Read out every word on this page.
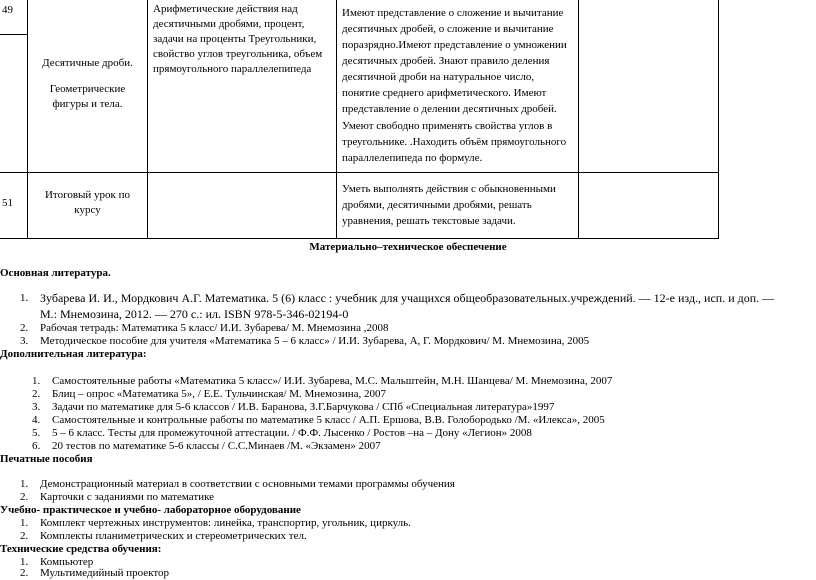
49
Десятичные дроби.
Геометрические фигуры и тела.
Арифметические действия над десятичными дробями, процент, задачи на проценты Треугольники, свойство углов треугольника, объем прямоугольного параллелепипеда
Имеют представление о сложение и вычитание десятичных дробей, о сложение и вычитание поразрядно.Имеют представление о умножении десятичных дробей. Знают правило деления десятичной дроби на натуральное число, понятие среднего арифметического. Имеют представление о делении десятичных дробей.
Умеют свободно применять свойства углов в треугольнике. .Находить объём прямоугольного параллелепипеда по формуле.
51
Итоговый урок по курсу
Уметь выполнять действия с обыкновенными дробями, десятичными дробями, решать уравнения, решать текстовые задачи.
Материально–техническое обеспечение
Основная литература.
1. Зубарева И. И., Мордкович А.Г. Математика. 5 (6) класс : учебник для учащихся общеобразовательных.учреждений. — 12-е изд., исп. и доп. —
М.: Мнемозина, 2012. — 270 с.: ил. ISBN 978-5-346-02194-0
2. Рабочая тетрадь: Математика 5 класс/ И.И. Зубарева/ М. Мнемозина ,2008
3. Методическое пособие для учителя «Математика 5 – 6 класс» / И.И. Зубарева, А, Г. Мордкович/ М. Мнемозина, 2005
Дополнительная литература:
1. Самостоятельные работы «Математика 5 класс»/ И.И. Зубарева, М.С. Мальштейн, М.Н. Шанцева/ М. Мнемозина, 2007
2. Блиц – опрос «Математика 5», / Е.Е. Тульчинская/ М. Мнемозина, 2007
3. Задачи по математике для 5-6 классов / И.В. Баранова, З.Г.Барчукова / СПб «Специальная литература»1997
4. Самостоятельные и контрольные работы по математике 5 класс / А.П. Ершова, В.В. Голобородько /М. «Илекса», 2005
5. 5 – 6 класс. Тесты для промежуточной аттестации. / Ф.Ф. Лысенко / Ростов –на – Дону «Легион» 2008
6. 20 тестов по математике 5-6 классы / С.С.Минаев /М. «Экзамен» 2007
Печатные пособия
1. Демонстрационный материал в соответствии с основными темами программы обучения
2. Карточки с заданиями по математике
Учебно- практическое и учебно- лабораторное оборудование
1. Комплект чертежных инструментов: линейка, транспортир, угольник, циркуль.
2. Комплекты планиметрических и стереометрических тел.
Технические средства обучения:
1. Компьютер
2. Мультимедийный проектор
